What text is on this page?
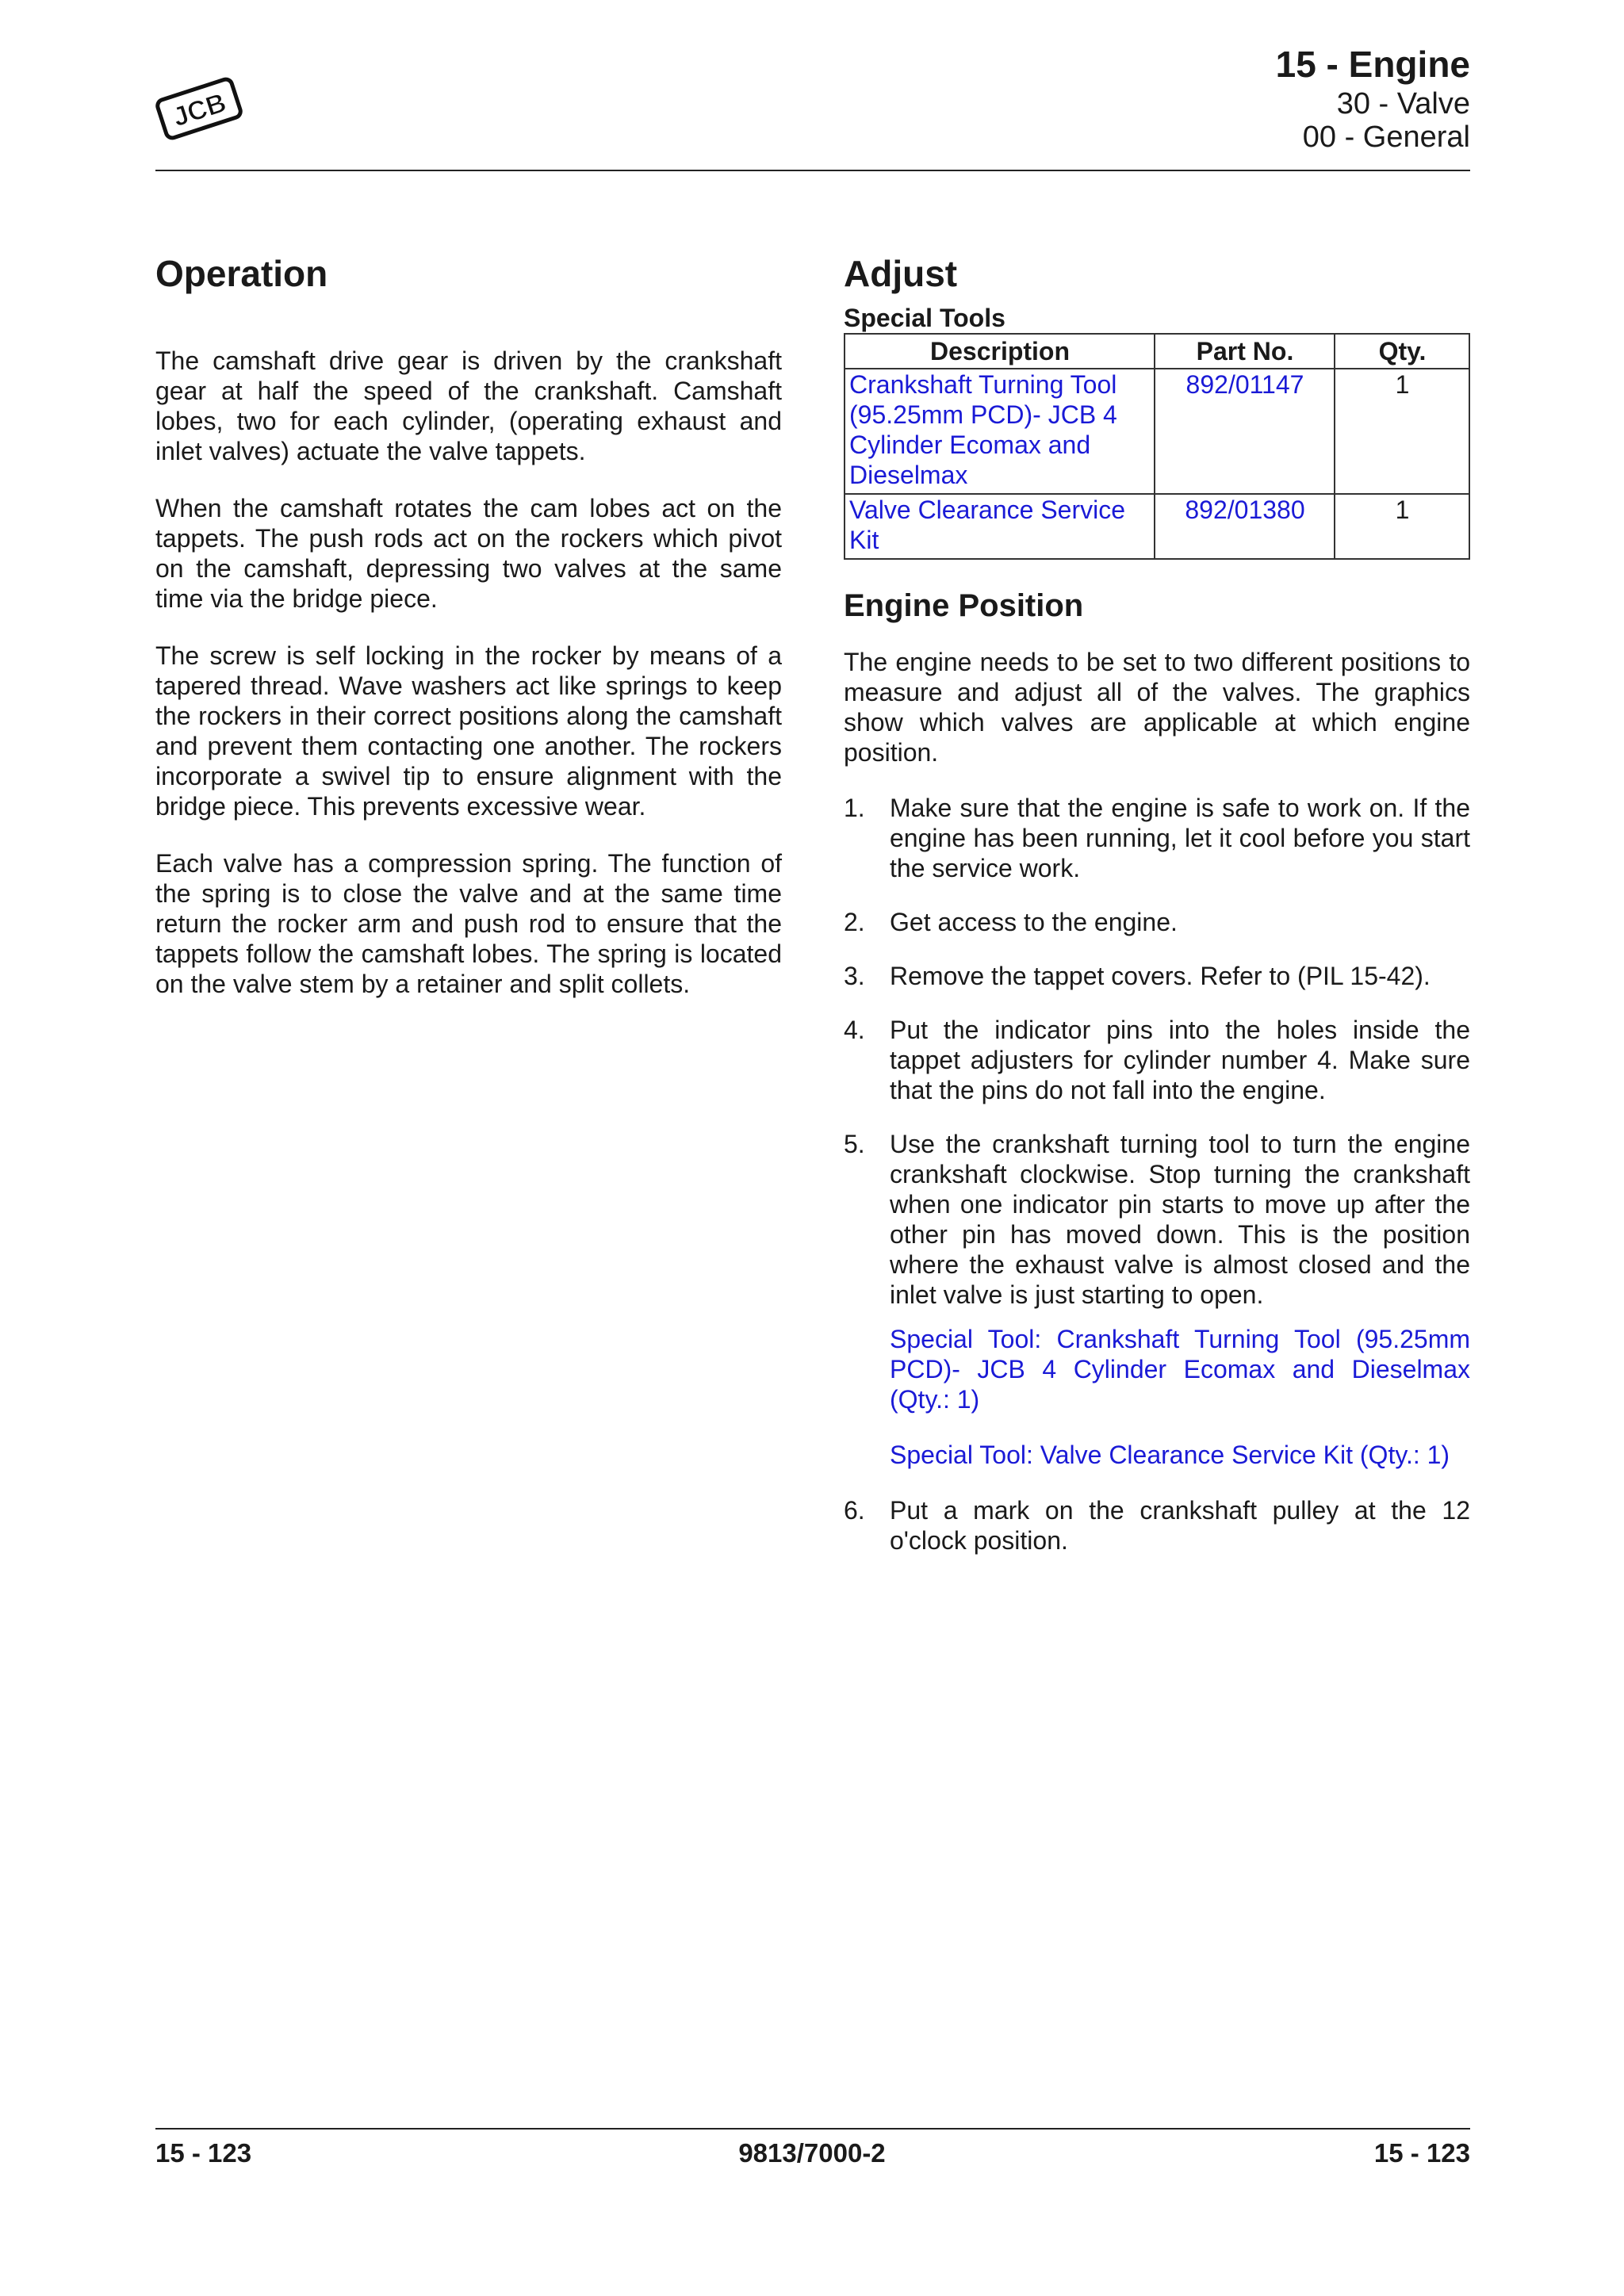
JCB
15 - Engine
30 - Valve
00 - General
Operation

The camshaft drive gear is driven by the crankshaft gear at half the speed of the crankshaft. Camshaft lobes, two for each cylinder, (operating exhaust and inlet valves) actuate the valve tappets.

When the camshaft rotates the cam lobes act on the tappets. The push rods act on the rockers which pivot on the camshaft, depressing two valves at the same time via the bridge piece.

The screw is self locking in the rocker by means of a tapered thread. Wave washers act like springs to keep the rockers in their correct positions along the camshaft and prevent them contacting one another. The rockers incorporate a swivel tip to ensure alignment with the bridge piece. This prevents excessive wear.

Each valve has a compression spring. The function of the spring is to close the valve and at the same time return the rocker arm and push rod to ensure that the tappets follow the camshaft lobes. The spring is located on the valve stem by a retainer and split collets.

Adjust
Special Tools
Description	Part No.	Qty.
Crankshaft Turning Tool (95.25mm PCD)- JCB 4 Cylinder Ecomax and Dieselmax	892/01147	1
Valve Clearance Service Kit	892/01380	1
Engine Position

The engine needs to be set to two different positions to measure and adjust all of the valves. The graphics show which valves are applicable at which engine position.

1. Make sure that the engine is safe to work on. If the engine has been running, let it cool before you start the service work.

2. Get access to the engine.

3. Remove the tappet covers. Refer to (PIL 15-42).

4. Put the indicator pins into the holes inside the tappet adjusters for cylinder number 4. Make sure that the pins do not fall into the engine.

5. Use the crankshaft turning tool to turn the engine crankshaft clockwise. Stop turning the crankshaft when one indicator pin starts to move up after the other pin has moved down. This is the position where the exhaust valve is almost closed and the inlet valve is just starting to open.

Special Tool: Crankshaft Turning Tool (95.25mm PCD)- JCB 4 Cylinder Ecomax and Dieselmax (Qty.: 1)

Special Tool: Valve Clearance Service Kit (Qty.: 1)

6. Put a mark on the crankshaft pulley at the 12 o'clock position.

15 - 123	9813/7000-2	15 - 123
